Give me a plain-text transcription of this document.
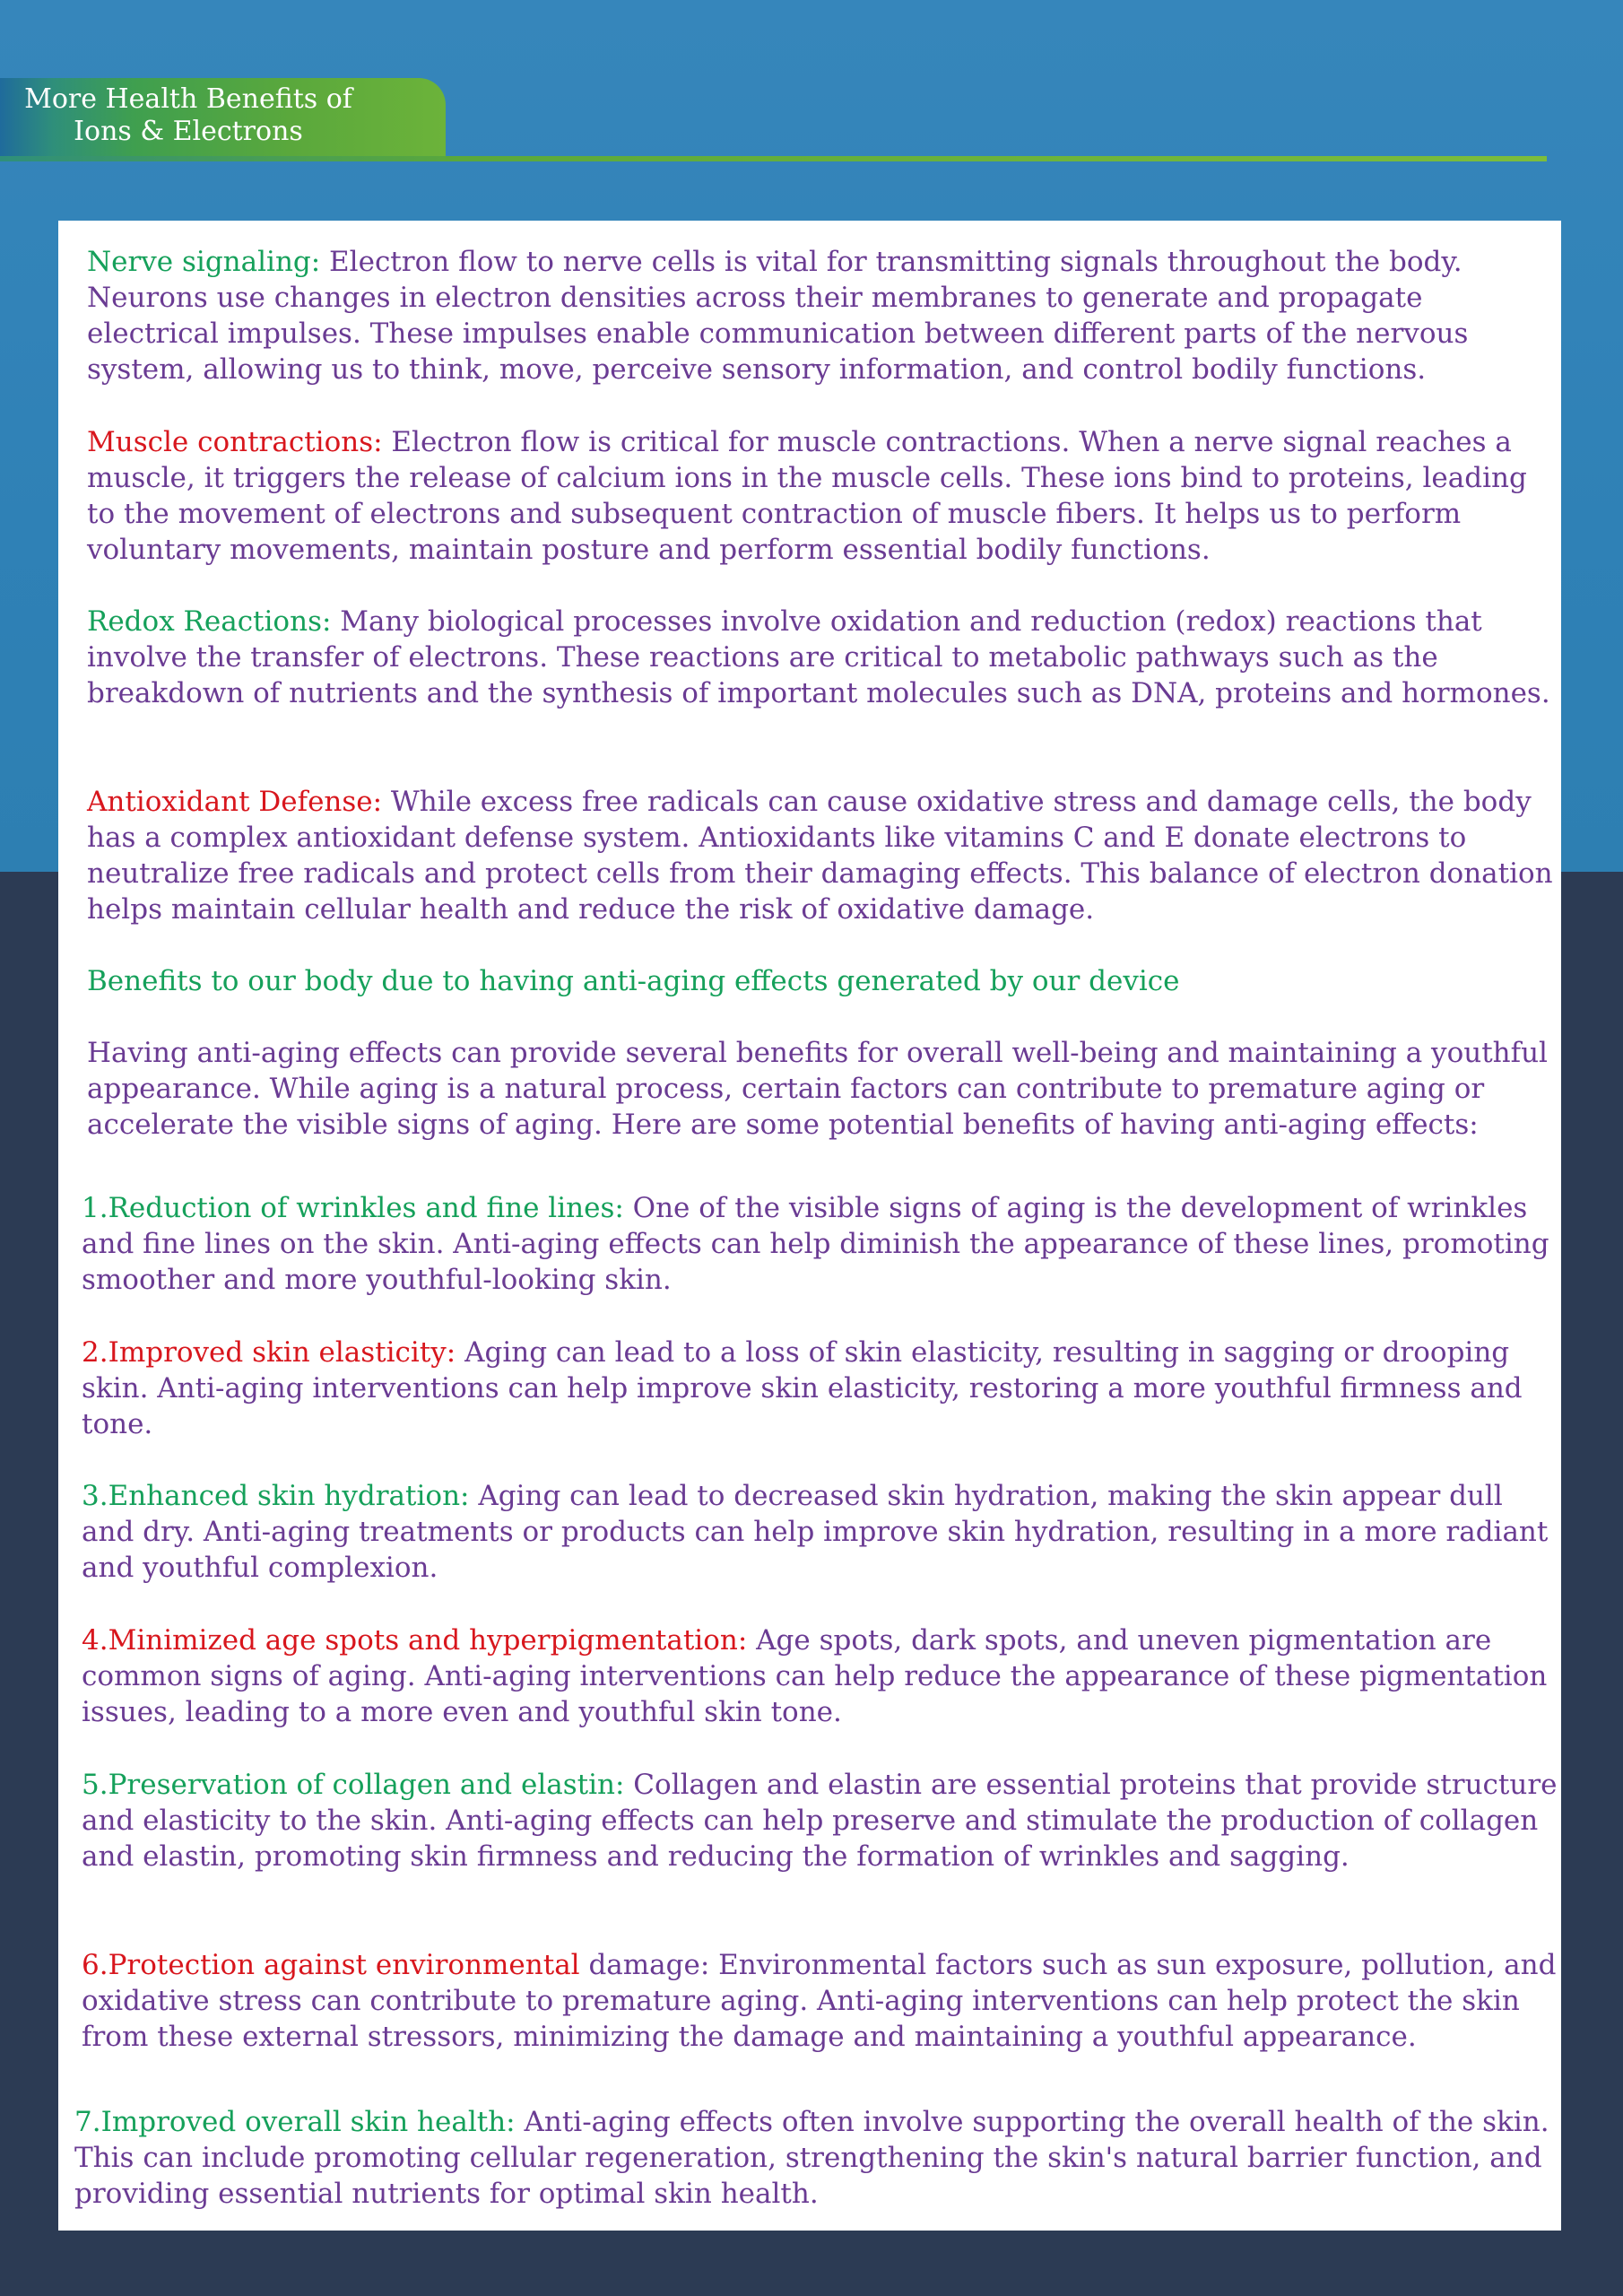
More Health Benefits of
Ions & Electrons

Nerve signaling: Electron flow to nerve cells is vital for transmitting signals throughout the body. Neurons use changes in electron densities across their membranes to generate and propagate electrical impulses. These impulses enable communication between different parts of the nervous system, allowing us to think, move, perceive sensory information, and control bodily functions.

Muscle contractions: Electron flow is critical for muscle contractions. When a nerve signal reaches a muscle, it triggers the release of calcium ions in the muscle cells. These ions bind to proteins, leading to the movement of electrons and subsequent contraction of muscle fibers. It helps us to perform voluntary movements, maintain posture and perform essential bodily functions.

Redox Reactions: Many biological processes involve oxidation and reduction (redox) reactions that involve the transfer of electrons. These reactions are critical to metabolic pathways such as the breakdown of nutrients and the synthesis of important molecules such as DNA, proteins and hormones.

Antioxidant Defense: While excess free radicals can cause oxidative stress and damage cells, the body has a complex antioxidant defense system. Antioxidants like vitamins C and E donate electrons to neutralize free radicals and protect cells from their damaging effects. This balance of electron donation helps maintain cellular health and reduce the risk of oxidative damage.

Benefits to our body due to having anti-aging effects generated by our device

Having anti-aging effects can provide several benefits for overall well-being and maintaining a youthful appearance. While aging is a natural process, certain factors can contribute to premature aging or accelerate the visible signs of aging. Here are some potential benefits of having anti-aging effects:

1.Reduction of wrinkles and fine lines: One of the visible signs of aging is the development of wrinkles and fine lines on the skin. Anti-aging effects can help diminish the appearance of these lines, promoting smoother and more youthful-looking skin.

2.Improved skin elasticity: Aging can lead to a loss of skin elasticity, resulting in sagging or drooping skin. Anti-aging interventions can help improve skin elasticity, restoring a more youthful firmness and tone.

3.Enhanced skin hydration: Aging can lead to decreased skin hydration, making the skin appear dull and dry. Anti-aging treatments or products can help improve skin hydration, resulting in a more radiant and youthful complexion.

4.Minimized age spots and hyperpigmentation: Age spots, dark spots, and uneven pigmentation are common signs of aging. Anti-aging interventions can help reduce the appearance of these pigmentation issues, leading to a more even and youthful skin tone.

5.Preservation of collagen and elastin: Collagen and elastin are essential proteins that provide structure and elasticity to the skin. Anti-aging effects can help preserve and stimulate the production of collagen and elastin, promoting skin firmness and reducing the formation of wrinkles and sagging.

6.Protection against environmental damage: Environmental factors such as sun exposure, pollution, and oxidative stress can contribute to premature aging. Anti-aging interventions can help protect the skin from these external stressors, minimizing the damage and maintaining a youthful appearance.

7.Improved overall skin health: Anti-aging effects often involve supporting the overall health of the skin. This can include promoting cellular regeneration, strengthening the skin's natural barrier function, and providing essential nutrients for optimal skin health.
